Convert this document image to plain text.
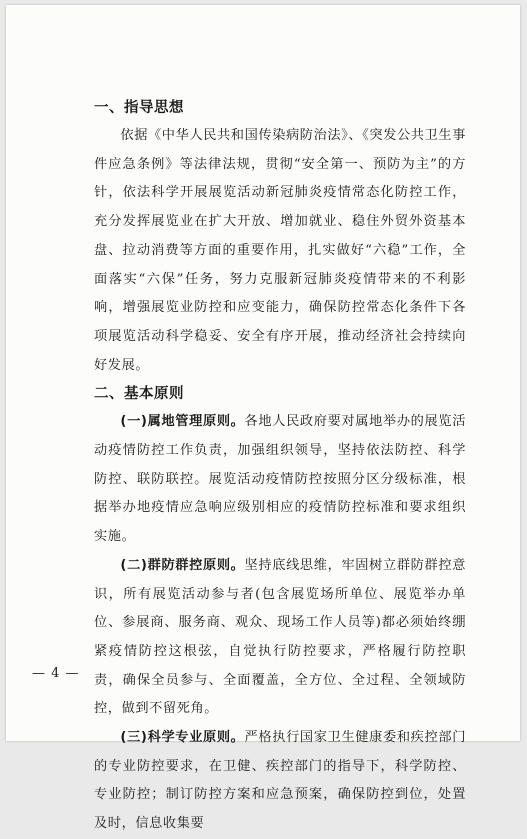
一、指导思想

依据《中华人民共和国传染病防治法》、《突发公共卫生事件应急条例》等法律法规，贯彻“安全第一、预防为主”的方针，依法科学开展展览活动新冠肺炎疫情常态化防控工作，充分发挥展览业在扩大开放、增加就业、稳住外贸外资基本盘、拉动消费等方面的重要作用，扎实做好“六稳”工作，全面落实“六保”任务，努力克服新冠肺炎疫情带来的不利影响，增强展览业防控和应变能力，确保防控常态化条件下各项展览活动科学稳妥、安全有序开展，推动经济社会持续向好发展。

二、基本原则

(一)属地管理原则。各地人民政府要对属地举办的展览活动疫情防控工作负责，加强组织领导，坚持依法防控、科学防控、联防联控。展览活动疫情防控按照分区分级标准，根据举办地疫情应急响应级别相应的疫情防控标准和要求组织实施。

(二)群防群控原则。坚持底线思维，牢固树立群防群控意识，所有展览活动参与者(包含展览场所单位、展览举办单位、参展商、服务商、观众、现场工作人员等)都必须始终绷紧疫情防控这根弦，自觉执行防控要求，严格履行防控职责，确保全员参与、全面覆盖，全方位、全过程、全领域防控，做到不留死角。

(三)科学专业原则。严格执行国家卫生健康委和疾控部门的专业防控要求，在卫健、疾控部门的指导下，科学防控、专业防控；制订防控方案和应急预案，确保防控到位，处置及时，信息收集要

— 4 —
